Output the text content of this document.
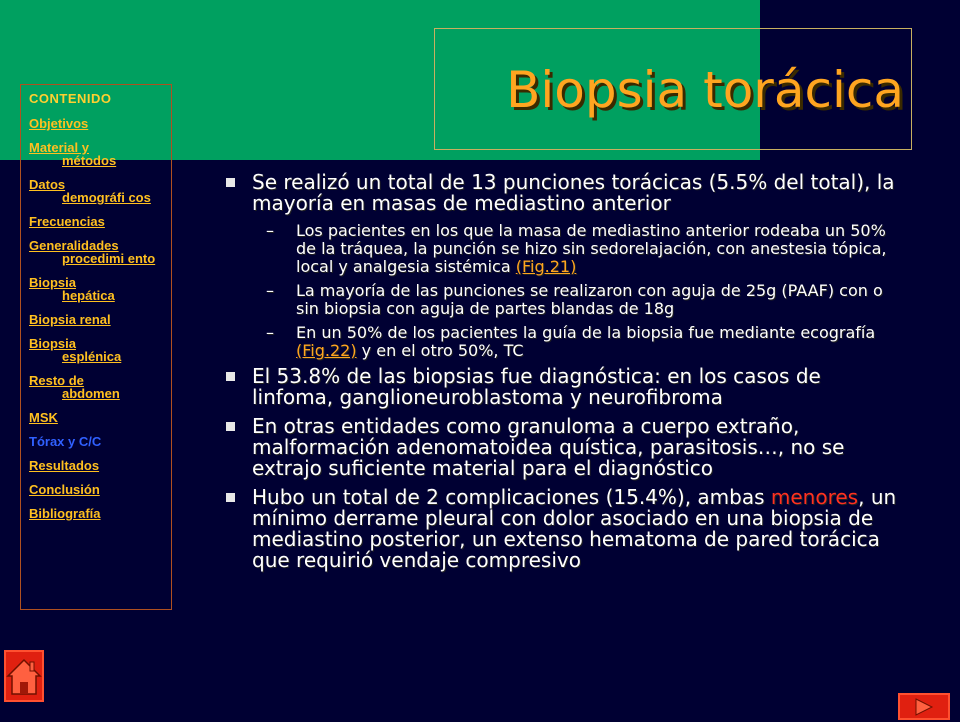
Biopsia torácica
CONTENIDO
Objetivos
Material y
métodos
Datos
demográfi cos
Frecuencias
Generalidades
procedimi ento
Biopsia
hepática
Biopsia renal
Biopsia
esplénica
Resto de
abdomen
MSK
Tórax y C/C
Resultados
Conclusión
Bibliografía
Se realizó un total de 13 punciones torácicas (5.5% del total), la mayoría en masas de mediastino anterior
– Los pacientes en los que la masa de mediastino anterior rodeaba un 50% de la tráquea, la punción se hizo sin sedorelajación, con anestesia tópica, local y analgesia sistémica (Fig.21)
– La mayoría de las punciones se realizaron con aguja de 25g (PAAF) con o sin biopsia con aguja de partes blandas de 18g
– En un 50% de los pacientes la guía de la biopsia fue mediante ecografía (Fig.22) y en el otro 50%, TC
El 53.8% de las biopsias fue diagnóstica: en los casos de linfoma, ganglioneuroblastoma y neurofibroma
En otras entidades como granuloma a cuerpo extraño, malformación adenomatoidea quística, parasitosis…, no se extrajo suficiente material para el diagnóstico
Hubo un total de 2 complicaciones (15.4%), ambas menores, un mínimo derrame pleural con dolor asociado en una biopsia de mediastino posterior, un extenso hematoma de pared torácica que requirió vendaje compresivo
